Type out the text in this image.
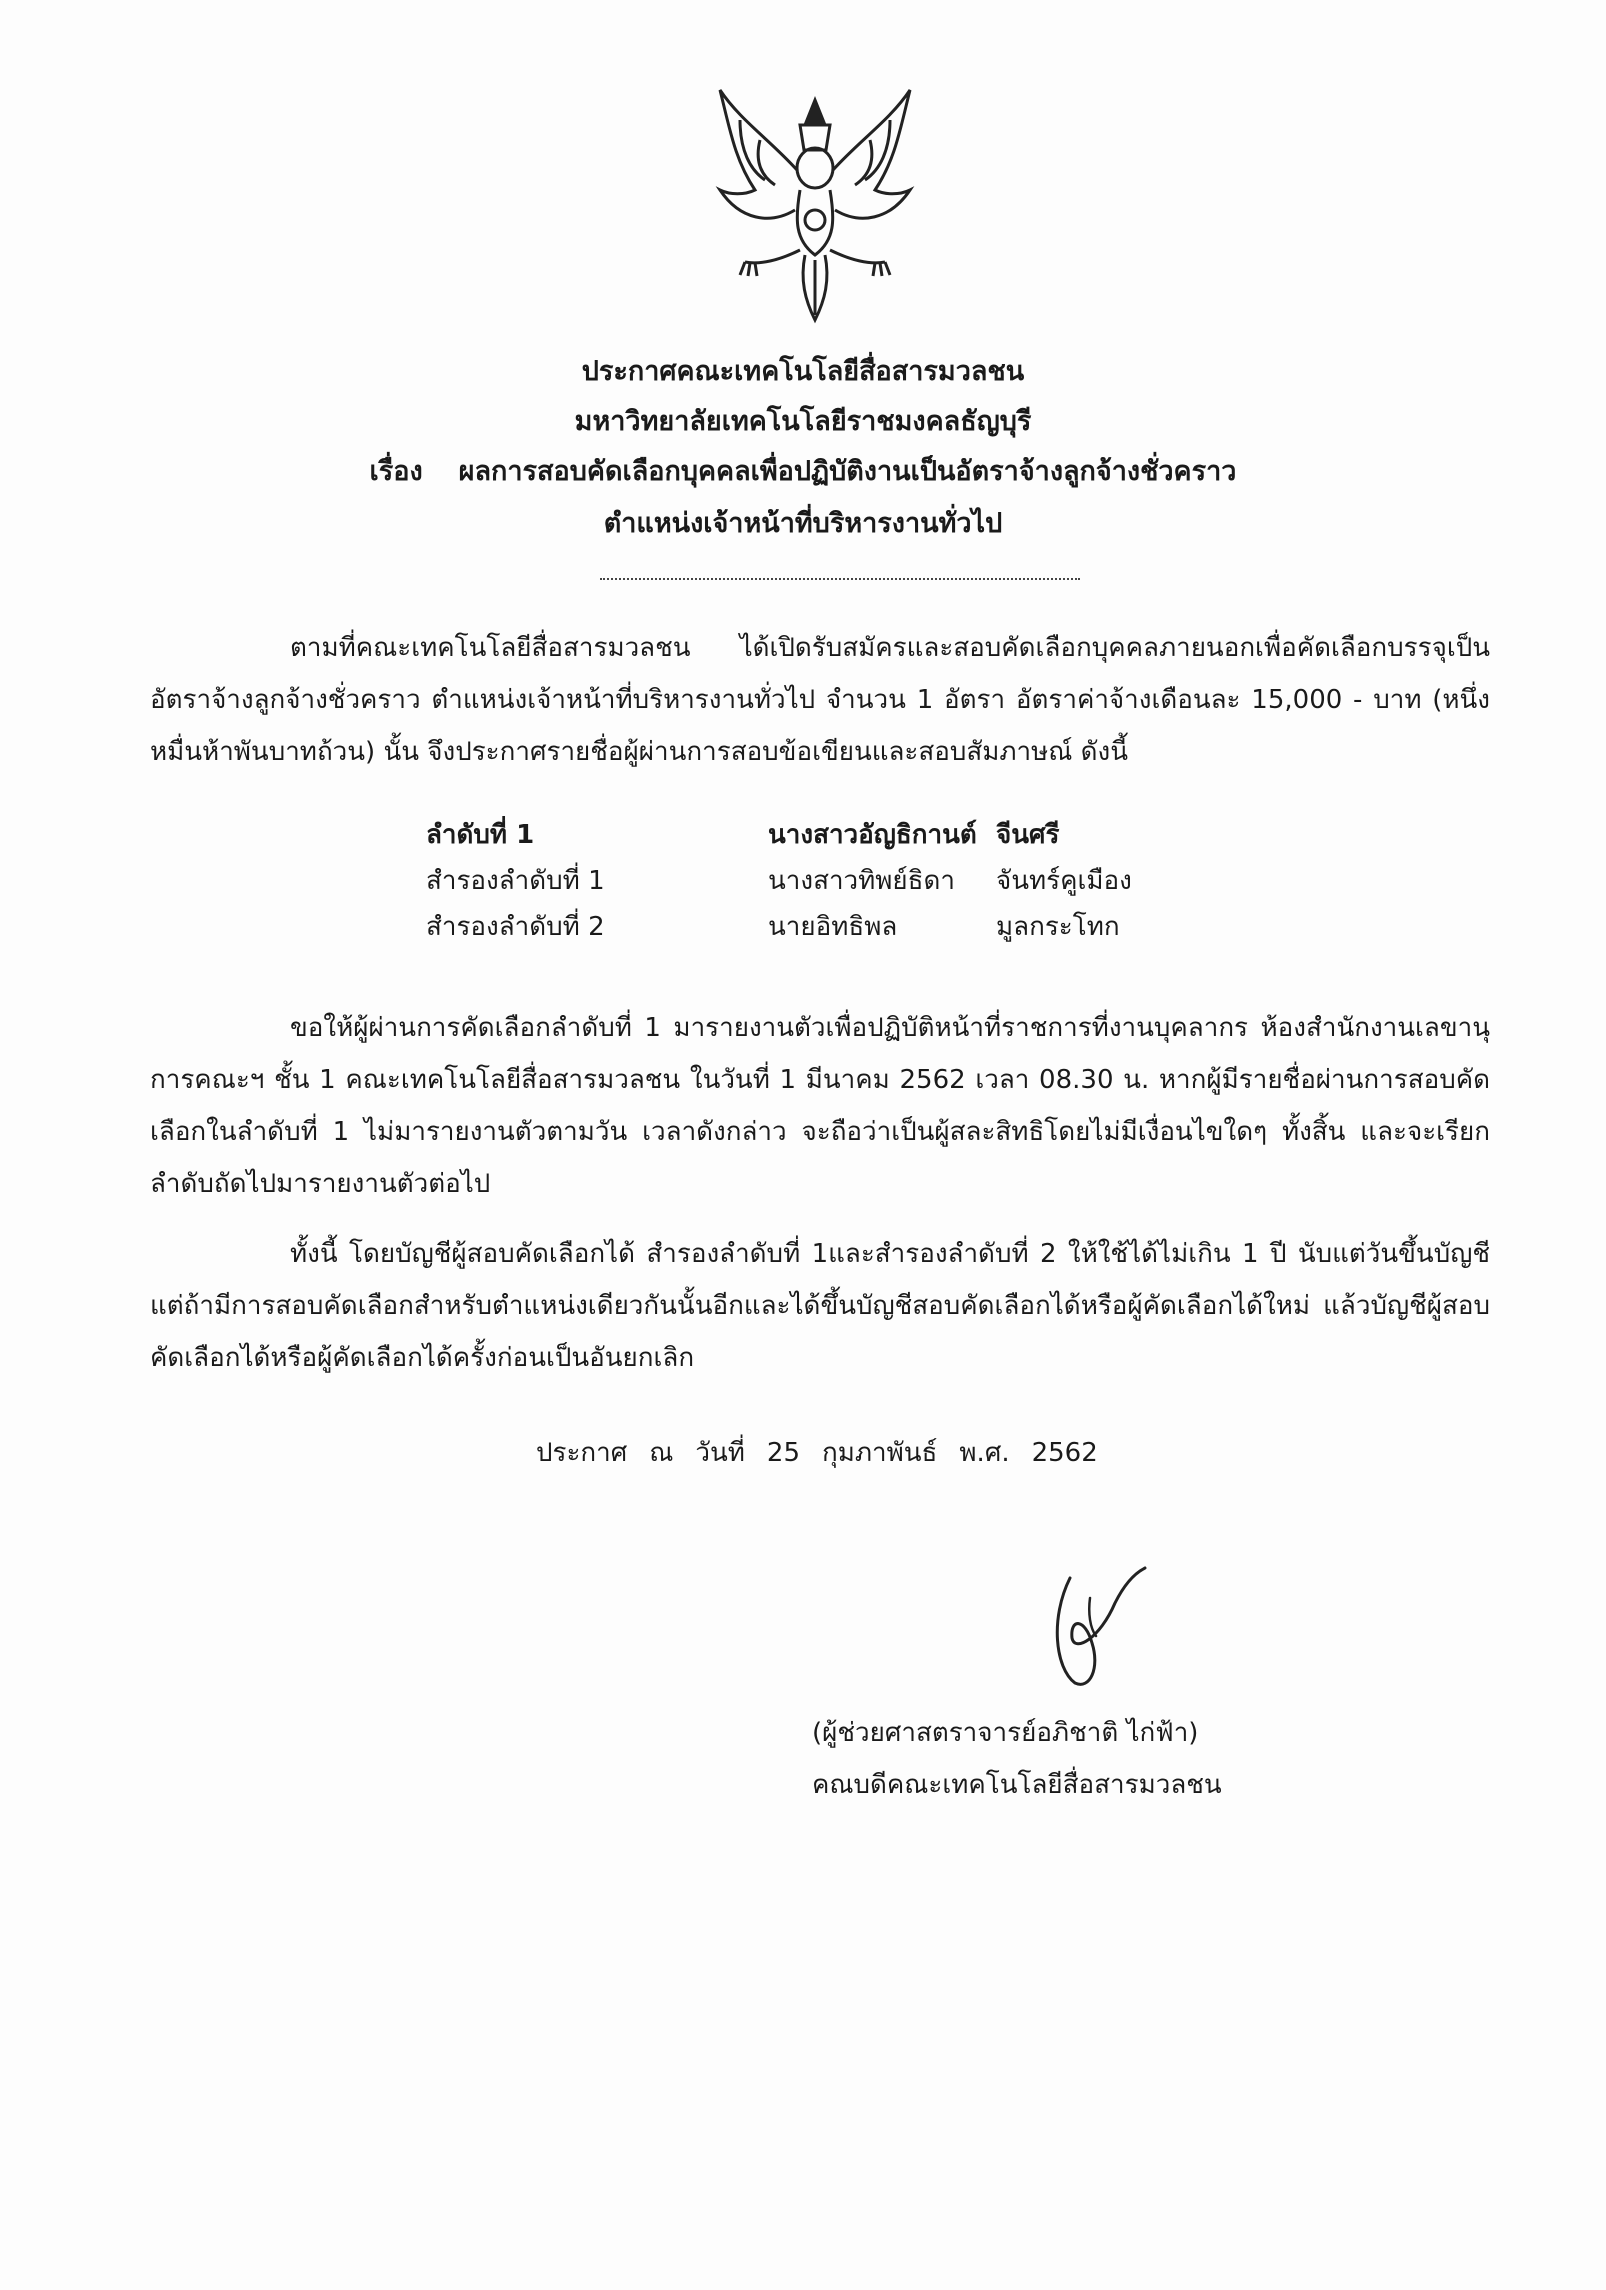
ประกาศคณะเทคโนโลยีสื่อสารมวลชน
มหาวิทยาลัยเทคโนโลยีราชมงคลธัญบุรี
เรื่อง ผลการสอบคัดเลือกบุคคลเพื่อปฏิบัติงานเป็นอัตราจ้างลูกจ้างชั่วคราว
ตำแหน่งเจ้าหน้าที่บริหารงานทั่วไป

ตามที่คณะเทคโนโลยีสื่อสารมวลชน ได้เปิดรับสมัครและสอบคัดเลือกบุคคลภายนอกเพื่อคัดเลือกบรรจุเป็นอัตราจ้างลูกจ้างชั่วคราว ตำแหน่งเจ้าหน้าที่บริหารงานทั่วไป จำนวน 1 อัตรา อัตราค่าจ้างเดือนละ 15,000 - บาท (หนึ่งหมื่นห้าพันบาทถ้วน) นั้น จึงประกาศรายชื่อผู้ผ่านการสอบข้อเขียนและสอบสัมภาษณ์ ดังนี้

ลำดับที่ 1	นางสาวอัญธิกานต์ จีนศรี
สำรองลำดับที่ 1	นางสาวทิพย์ธิดา	จันทร์คูเมือง
สำรองลำดับที่ 2	นายอิทธิพล	มูลกระโทก

ขอให้ผู้ผ่านการคัดเลือกลำดับที่ 1 มารายงานตัวเพื่อปฏิบัติหน้าที่ราชการที่งานบุคลากร ห้องสำนักงานเลขานุการคณะฯ ชั้น 1 คณะเทคโนโลยีสื่อสารมวลชน ในวันที่ 1 มีนาคม 2562 เวลา 08.30 น. หากผู้มีรายชื่อผ่านการสอบคัดเลือกในลำดับที่ 1 ไม่มารายงานตัวตามวัน เวลาดังกล่าว จะถือว่าเป็นผู้สละสิทธิโดยไม่มีเงื่อนไขใดๆ ทั้งสิ้น และจะเรียกลำดับถัดไปมารายงานตัวต่อไป

ทั้งนี้ โดยบัญชีผู้สอบคัดเลือกได้ สำรองลำดับที่ 1และสำรองลำดับที่ 2 ให้ใช้ได้ไม่เกิน 1 ปี นับแต่วันขึ้นบัญชี แต่ถ้ามีการสอบคัดเลือกสำหรับตำแหน่งเดียวกันนั้นอีกและได้ขึ้นบัญชีสอบคัดเลือกได้หรือผู้คัดเลือกได้ใหม่ แล้วบัญชีผู้สอบคัดเลือกได้หรือผู้คัดเลือกได้ครั้งก่อนเป็นอันยกเลิก

ประกาศ ณ วันที่ 25 กุมภาพันธ์ พ.ศ. 2562
(ผู้ช่วยศาสตราจารย์อภิชาติ ไก่ฟ้า)
คณบดีคณะเทคโนโลยีสื่อสารมวลชน
